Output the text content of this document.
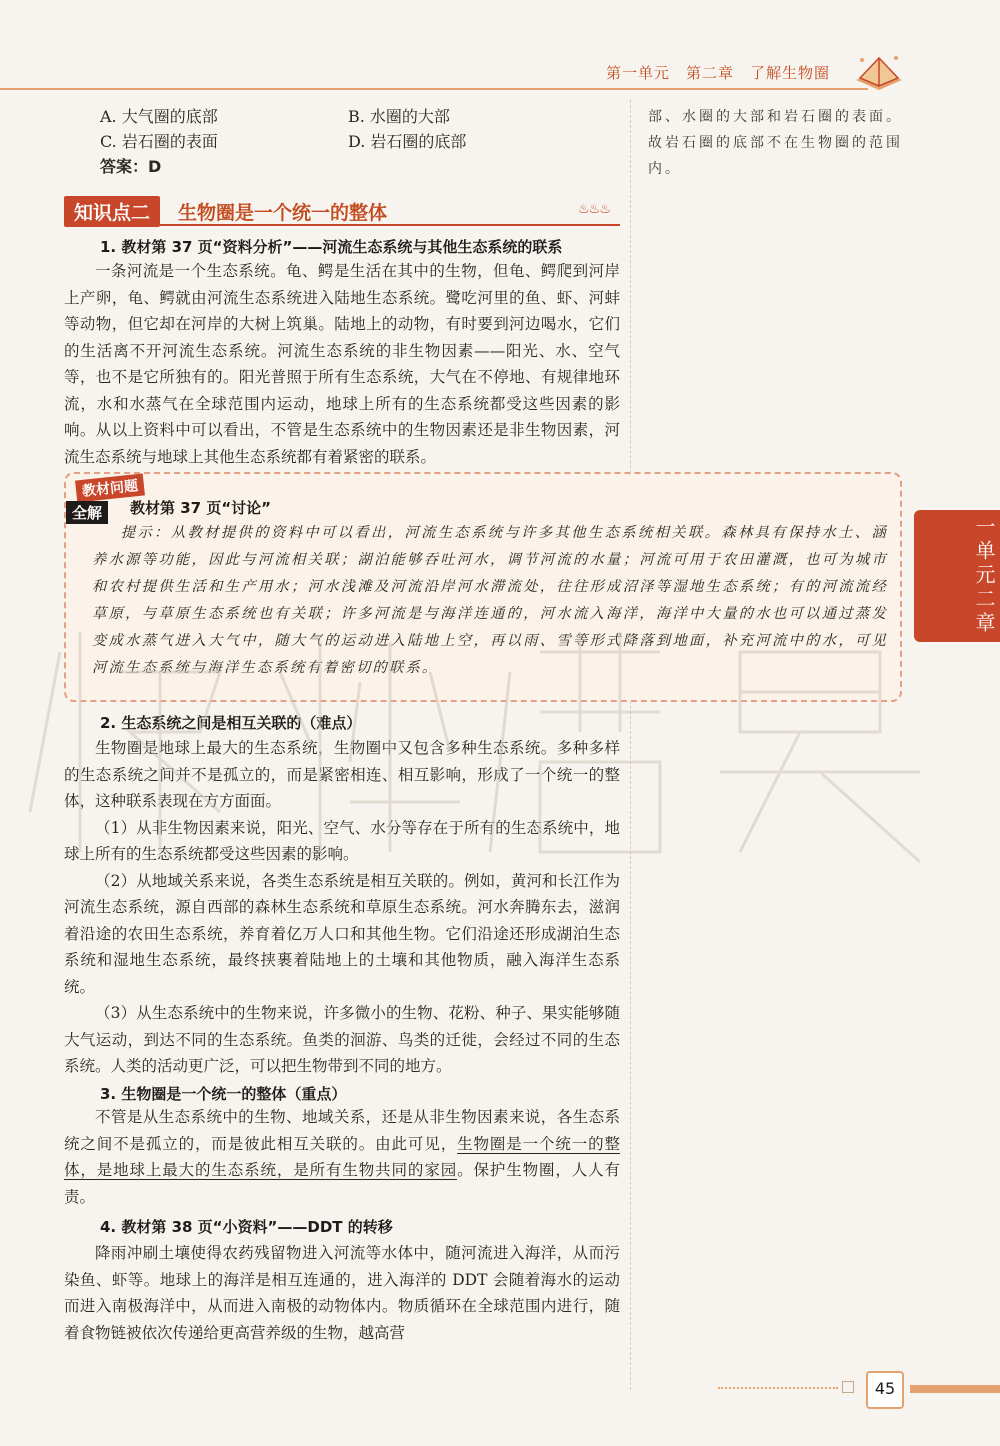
第一单元　第二章　了解生物圈
A. 大气圈的底部	B. 水圈的大部
C. 岩石圈的表面	D. 岩石圈的底部
答案：D
部、水圈的大部和岩石圈的表面。故岩石圈的底部不在生物圈的范围内。
知识点二	生物圈是一个统一的整体	♨♨♨
1. 教材第 37 页“资料分析”——河流生态系统与其他生态系统的联系

一条河流是一个生态系统。龟、鳄是生活在其中的生物，但龟、鳄爬到河岸上产卵，龟、鳄就由河流生态系统进入陆地生态系统。鹭吃河里的鱼、虾、河蚌等动物，但它却在河岸的大树上筑巢。陆地上的动物，有时要到河边喝水，它们的生活离不开河流生态系统。河流生态系统的非生物因素——阳光、水、空气等，也不是它所独有的。阳光普照于所有生态系统，大气在不停地、有规律地环流，水和水蒸气在全球范围内运动，地球上所有的生态系统都受这些因素的影响。从以上资料中可以看出，不管是生态系统中的生物因素还是非生物因素，河流生态系统与地球上其他生态系统都有着紧密的联系。

教材问题
全解	教材第 37 页“讨论”
提示：从教材提供的资料中可以看出，河流生态系统与许多其他生态系统相关联。森林具有保持水土、涵养水源等功能，因此与河流相关联；湖泊能够吞吐河水，调节河流的水量；河流可用于农田灌溉，也可为城市和农村提供生活和生产用水；河水浅滩及河流沿岸河水滞流处，往往形成沼泽等湿地生态系统；有的河流流经草原，与草原生态系统也有关联；许多河流是与海洋连通的，河水流入海洋，海洋中大量的水也可以通过蒸发变成水蒸气进入大气中，随大气的运动进入陆地上空，再以雨、雪等形式降落到地面，补充河流中的水，可见河流生态系统与海洋生态系统有着密切的联系。
2. 生态系统之间是相互关联的（难点）

生物圈是地球上最大的生态系统，生物圈中又包含多种生态系统。多种多样的生态系统之间并不是孤立的，而是紧密相连、相互影响，形成了一个统一的整体，这种联系表现在方方面面。

（1）从非生物因素来说，阳光、空气、水分等存在于所有的生态系统中，地球上所有的生态系统都受这些因素的影响。

（2）从地域关系来说，各类生态系统是相互关联的。例如，黄河和长江作为河流生态系统，源自西部的森林生态系统和草原生态系统。河水奔腾东去，滋润着沿途的农田生态系统，养育着亿万人口和其他生物。它们沿途还形成湖泊生态系统和湿地生态系统，最终挟裹着陆地上的土壤和其他物质，融入海洋生态系统。

（3）从生态系统中的生物来说，许多微小的生物、花粉、种子、果实能够随大气运动，到达不同的生态系统。鱼类的洄游、鸟类的迁徙，会经过不同的生态系统。人类的活动更广泛，可以把生物带到不同的地方。

3. 生物圈是一个统一的整体（重点）

不管是从生态系统中的生物、地域关系，还是从非生物因素来说，各生态系统之间不是孤立的，而是彼此相互关联的。由此可见，生物圈是一个统一的整体，是地球上最大的生态系统，是所有生物共同的家园。保护生物圈，人人有责。

4. 教材第 38 页“小资料”——DDT 的转移

降雨冲刷土壤使得农药残留物进入河流等水体中，随河流进入海洋，从而污染鱼、虾等。地球上的海洋是相互连通的，进入海洋的 DDT 会随着海水的运动而进入南极海洋中，从而进入南极的动物体内。物质循环在全球范围内进行，随着食物链被依次传递给更高营养级的生物，越高营

一单元二章
45
